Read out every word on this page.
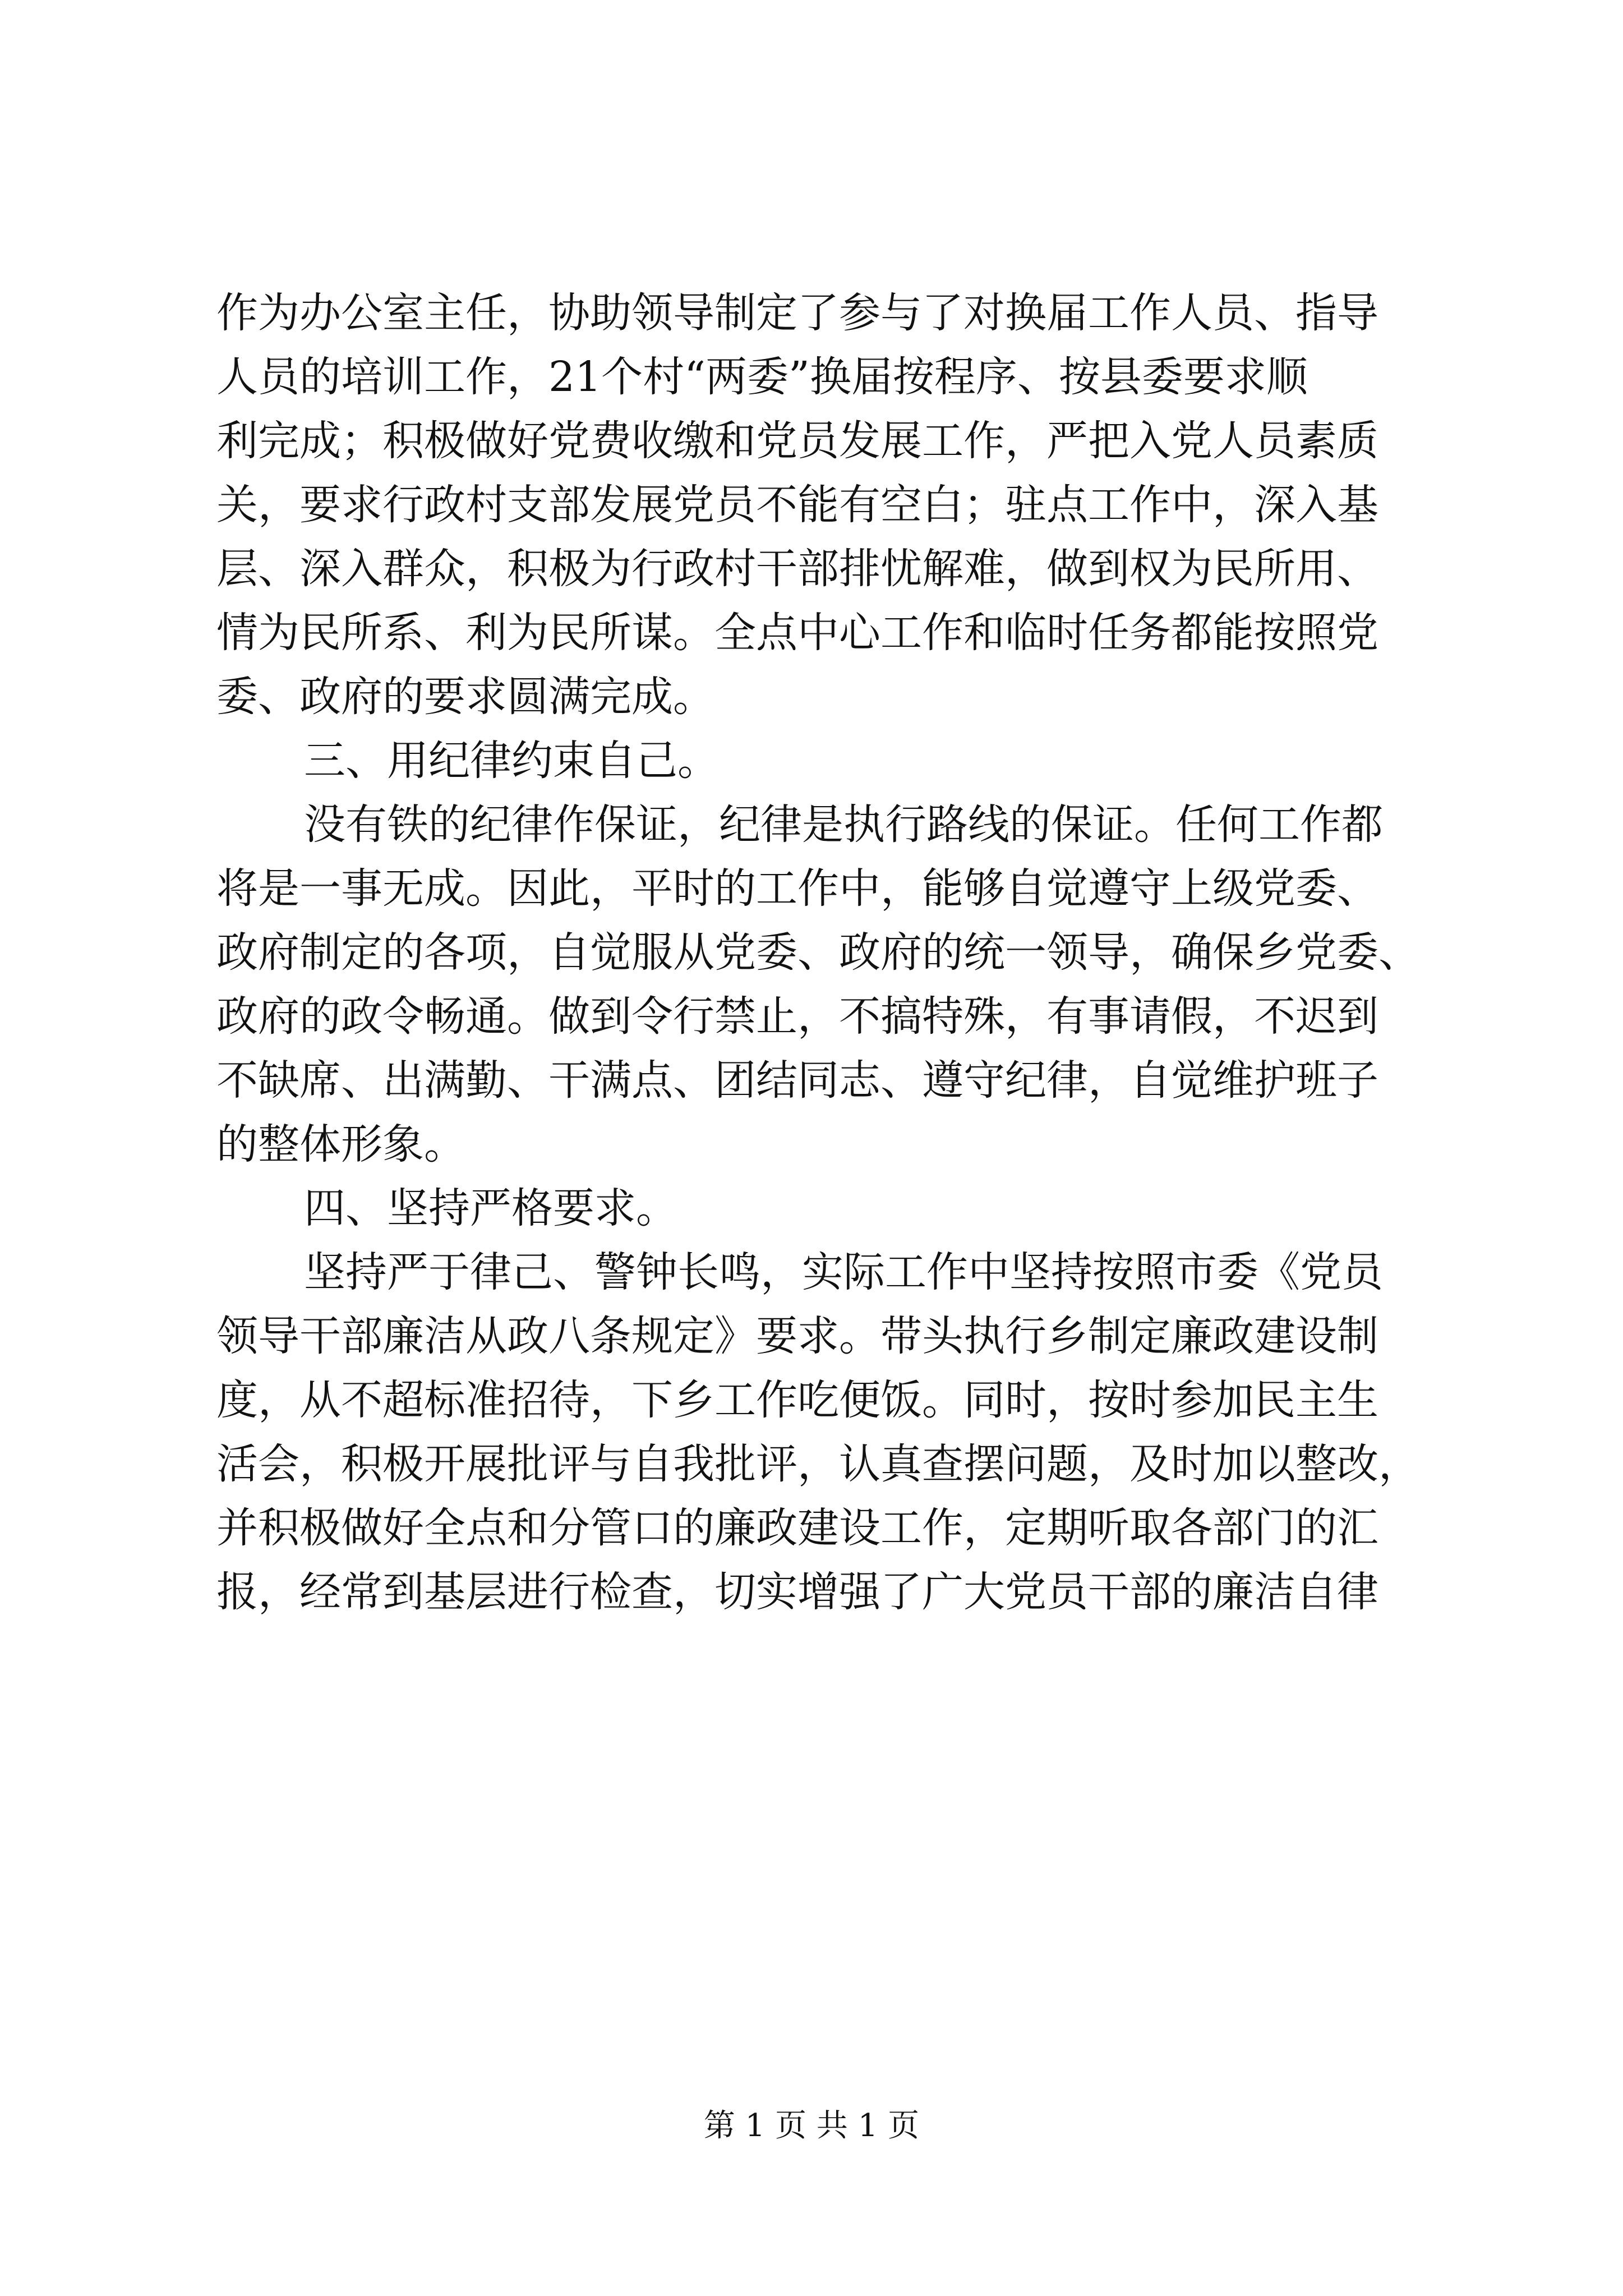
作为办公室主任，协助领导制定了参与了对换届工作人员、指导

人员的培训工作，21个村“两委”换届按程序、按县委要求顺

利完成；积极做好党费收缴和党员发展工作，严把入党人员素质

关，要求行政村支部发展党员不能有空白；驻点工作中，深入基

层、深入群众，积极为行政村干部排忧解难，做到权为民所用、

情为民所系、利为民所谋。全点中心工作和临时任务都能按照党

委、政府的要求圆满完成。

三、用纪律约束自己。

没有铁的纪律作保证，纪律是执行路线的保证。任何工作都

将是一事无成。因此，平时的工作中，能够自觉遵守上级党委、

政府制定的各项，自觉服从党委、政府的统一领导，确保乡党委、

政府的政令畅通。做到令行禁止，不搞特殊，有事请假，不迟到

不缺席、出满勤、干满点、团结同志、遵守纪律，自觉维护班子

的整体形象。

四、坚持严格要求。

坚持严于律己、警钟长鸣，实际工作中坚持按照市委《党员

领导干部廉洁从政八条规定》要求。带头执行乡制定廉政建设制

度，从不超标准招待，下乡工作吃便饭。同时，按时参加民主生

活会，积极开展批评与自我批评，认真查摆问题，及时加以整改，

并积极做好全点和分管口的廉政建设工作，定期听取各部门的汇

报，经常到基层进行检查，切实增强了广大党员干部的廉洁自律

第 1 页 共 1 页
